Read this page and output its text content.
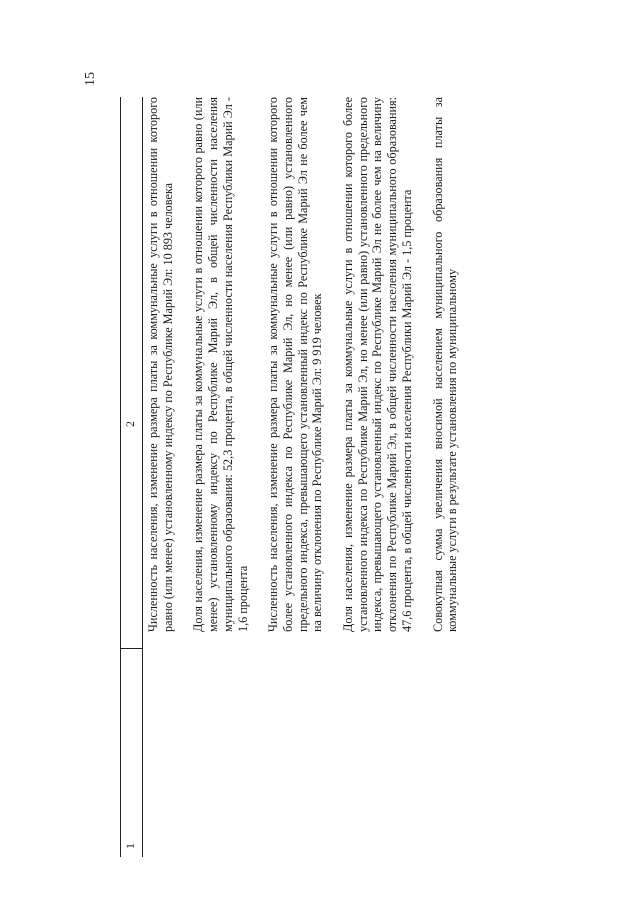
15
1
2 Численность населения, изменение размера платы за коммунальные услуги в отношении которого равно (или менее) установленному индексу по Республике Марий Эл: 10 893 человека Доля населения, изменение размера платы за коммунальные услуги в отношении которого равно (или менее) установленному индексу по Республике Марий Эл, в общей численности населения муниципального образования: 52,3 процента, в общей численности населения Республики Марий Эл - 1,6 процента Численность населения, изменение размера платы за коммунальные услуги в отношении которого более установленного индекса по Республике Марий Эл, но менее (или равно) установленного предельного индекса, превышающего установленный индекс по Республике Марий Эл не более чем на величину отклонения по Республике Марий Эл: 9 919 человек Доля населения, изменение размера платы за коммунальные услуги в отношении которого более установленного индекса по Республике Марий Эл, но менее (или равно) установленного предельного индекса, превышающего установленный индекс по Республике Марий Эл не более чем на величину отклонения по Республике Марий Эл, в общей численности населения муниципального образования: 47,6 процента, в общей численности населения Республики Марий Эл - 1,5 процента Совокупная сумма увеличения вносимой населением муниципального образования платы за коммунальные услуги в результате установления по муниципальному
